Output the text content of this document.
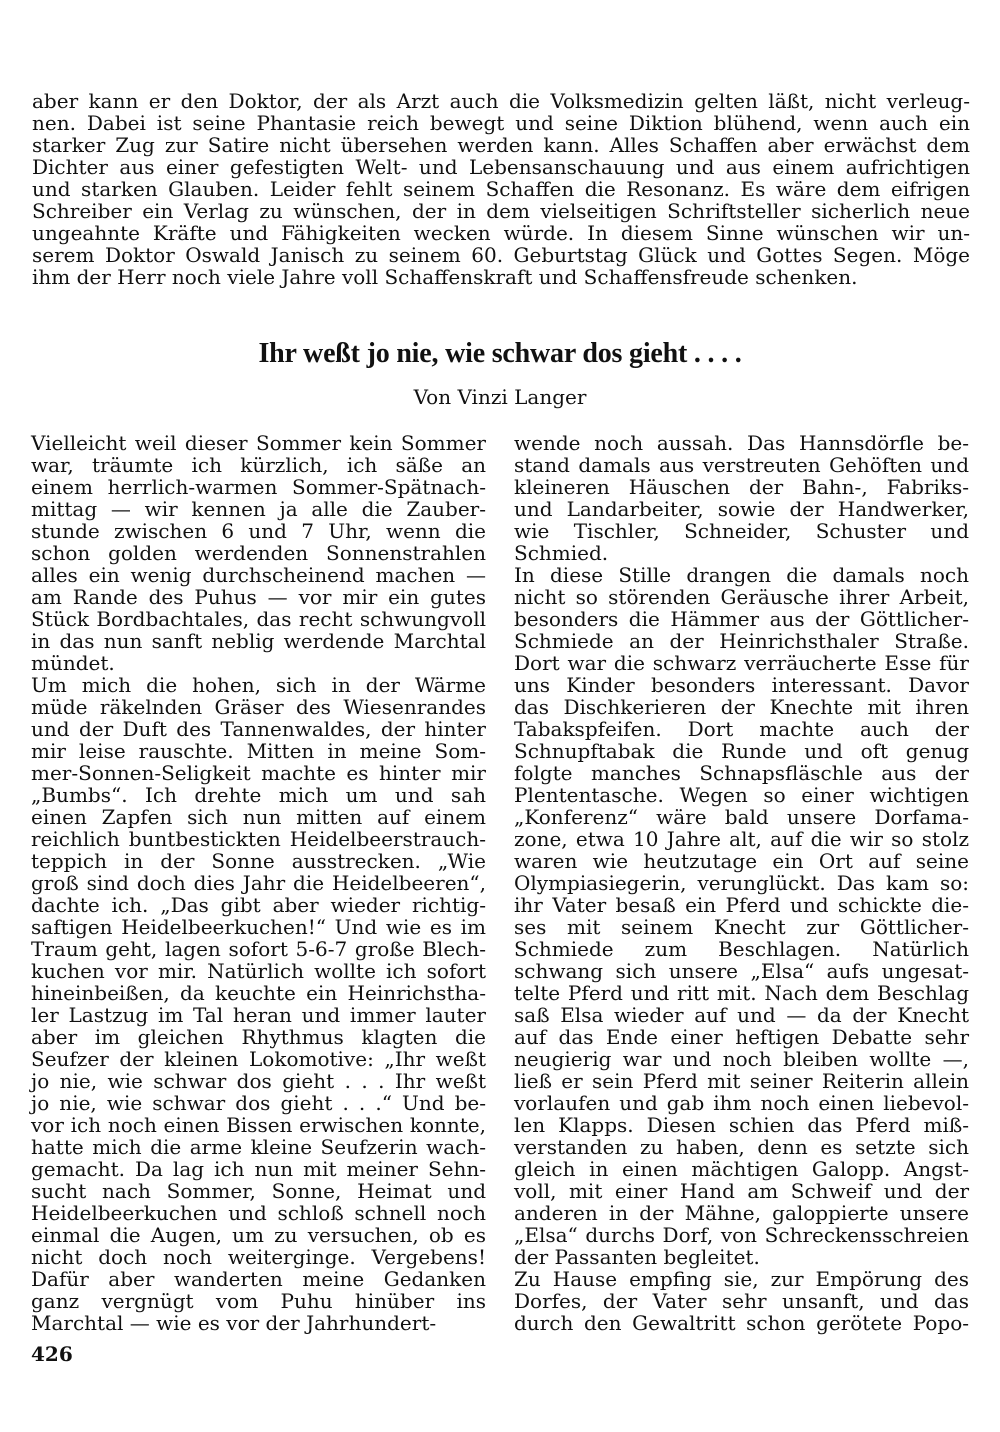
aber kann er den Doktor, der als Arzt auch die Volksmedizin gelten läßt, nicht verleug-
nen. Dabei ist seine Phantasie reich bewegt und seine Diktion blühend, wenn auch ein
starker Zug zur Satire nicht übersehen werden kann. Alles Schaffen aber erwächst dem
Dichter aus einer gefestigten Welt- und Lebensanschauung und aus einem aufrichtigen
und starken Glauben. Leider fehlt seinem Schaffen die Resonanz. Es wäre dem eifrigen
Schreiber ein Verlag zu wünschen, der in dem vielseitigen Schriftsteller sicherlich neue
ungeahnte Kräfte und Fähigkeiten wecken würde. In diesem Sinne wünschen wir un-
serem Doktor Oswald Janisch zu seinem 60. Geburtstag Glück und Gottes Segen. Möge
ihm der Herr noch viele Jahre voll Schaffenskraft und Schaffensfreude schenken.
Ihr weßt jo nie, wie schwar dos gieht . . . .
Von Vinzi Langer
Vielleicht weil dieser Sommer kein Sommer
war, träumte ich kürzlich, ich säße an
einem herrlich-warmen Sommer-Spätnach-
mittag — wir kennen ja alle die Zauber-
stunde zwischen 6 und 7 Uhr, wenn die
schon golden werdenden Sonnenstrahlen
alles ein wenig durchscheinend machen —
am Rande des Puhus — vor mir ein gutes
Stück Bordbachtales, das recht schwungvoll
in das nun sanft neblig werdende Marchtal
mündet.
Um mich die hohen, sich in der Wärme
müde räkelnden Gräser des Wiesenrandes
und der Duft des Tannenwaldes, der hinter
mir leise rauschte. Mitten in meine Som-
mer-Sonnen-Seligkeit machte es hinter mir
„Bumbs“. Ich drehte mich um und sah
einen Zapfen sich nun mitten auf einem
reichlich buntbestickten Heidelbeerstrauch-
teppich in der Sonne ausstrecken. „Wie
groß sind doch dies Jahr die Heidelbeeren“,
dachte ich. „Das gibt aber wieder richtig-
saftigen Heidelbeerkuchen!“ Und wie es im
Traum geht, lagen sofort 5-6-7 große Blech-
kuchen vor mir. Natürlich wollte ich sofort
hineinbeißen, da keuchte ein Heinrichstha-
ler Lastzug im Tal heran und immer lauter
aber im gleichen Rhythmus klagten die
Seufzer der kleinen Lokomotive: „Ihr weßt
jo nie, wie schwar dos gieht . . . Ihr weßt
jo nie, wie schwar dos gieht . . .“ Und be-
vor ich noch einen Bissen erwischen konnte,
hatte mich die arme kleine Seufzerin wach-
gemacht. Da lag ich nun mit meiner Sehn-
sucht nach Sommer, Sonne, Heimat und
Heidelbeerkuchen und schloß schnell noch
einmal die Augen, um zu versuchen, ob es
nicht doch noch weiterginge. Vergebens!
Dafür aber wanderten meine Gedanken
ganz vergnügt vom Puhu hinüber ins
Marchtal — wie es vor der Jahrhundert-
wende noch aussah. Das Hannsdörfle be-
stand damals aus verstreuten Gehöften und
kleineren Häuschen der Bahn-, Fabriks-
und Landarbeiter, sowie der Handwerker,
wie Tischler, Schneider, Schuster und
Schmied.
In diese Stille drangen die damals noch
nicht so störenden Geräusche ihrer Arbeit,
besonders die Hämmer aus der Göttlicher-
Schmiede an der Heinrichsthaler Straße.
Dort war die schwarz verräucherte Esse für
uns Kinder besonders interessant. Davor
das Dischkerieren der Knechte mit ihren
Tabakspfeifen. Dort machte auch der
Schnupftabak die Runde und oft genug
folgte manches Schnapsfläschle aus der
Plententasche. Wegen so einer wichtigen
„Konferenz“ wäre bald unsere Dorfama-
zone, etwa 10 Jahre alt, auf die wir so stolz
waren wie heutzutage ein Ort auf seine
Olympiasiegerin, verunglückt. Das kam so:
ihr Vater besaß ein Pferd und schickte die-
ses mit seinem Knecht zur Göttlicher-
Schmiede zum Beschlagen. Natürlich
schwang sich unsere „Elsa“ aufs ungesat-
telte Pferd und ritt mit. Nach dem Beschlag
saß Elsa wieder auf und — da der Knecht
auf das Ende einer heftigen Debatte sehr
neugierig war und noch bleiben wollte —,
ließ er sein Pferd mit seiner Reiterin allein
vorlaufen und gab ihm noch einen liebevol-
len Klapps. Diesen schien das Pferd miß-
verstanden zu haben, denn es setzte sich
gleich in einen mächtigen Galopp. Angst-
voll, mit einer Hand am Schweif und der
anderen in der Mähne, galoppierte unsere
„Elsa“ durchs Dorf, von Schreckensschreien
der Passanten begleitet.
Zu Hause empfing sie, zur Empörung des
Dorfes, der Vater sehr unsanft, und das
durch den Gewaltritt schon gerötete Popo-
426
